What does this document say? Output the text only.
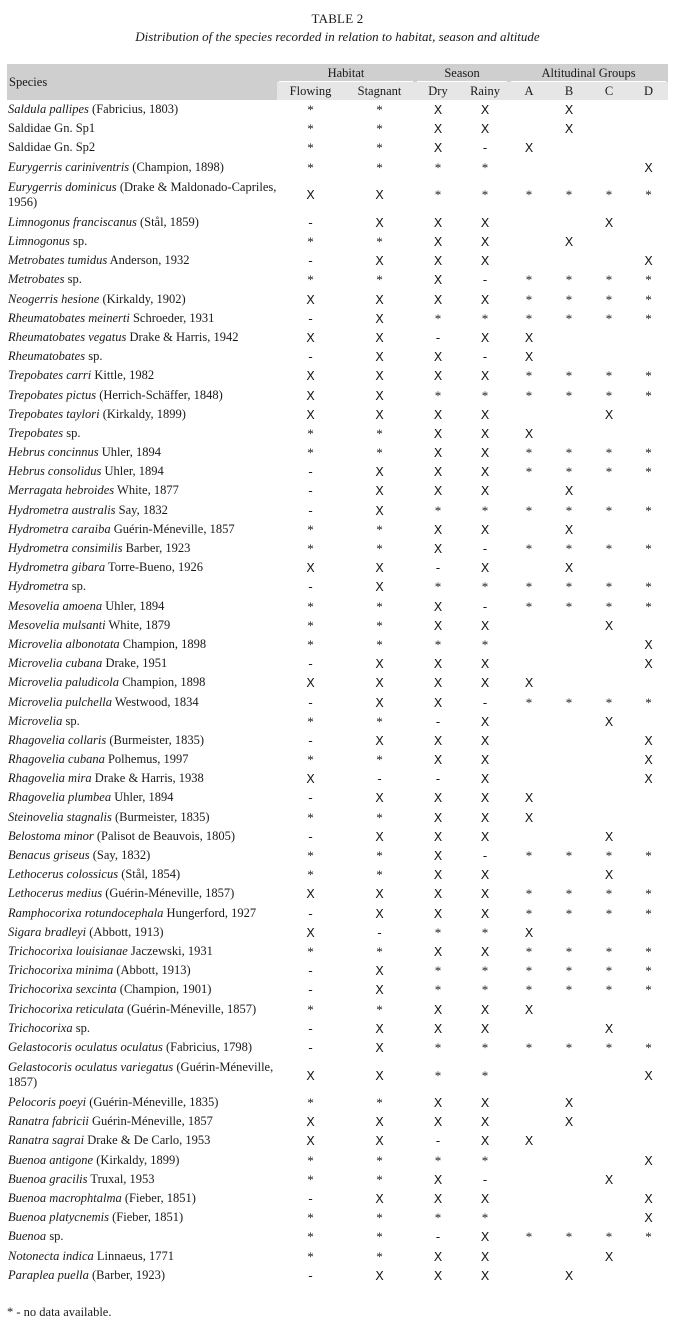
TABLE 2
Distribution of the species recorded in relation to habitat, season and altitude
Species	Habitat		Season		Altitudinal Groups			
	Flowing	Stagnant	Dry	Rainy	A	B	C	D
Saldula pallipes (Fabricius, 1803)	*	*	X	X		X		
Saldidae Gn. Sp1	*	*	X	X		X		
Saldidae Gn. Sp2	*	*	X	-	X			
Eurygerris cariniventris (Champion, 1898)	*	*	*	*				X
Eurygerris dominicus (Drake & Maldonado-Capriles, 1956)	X	X	*	*	*	*	*	*
Limnogonus franciscanus (Stål, 1859)	-	X	X	X			X	
Limnogonus sp.	*	*	X	X		X		
Metrobates tumidus Anderson, 1932	-	X	X	X				X
Metrobates sp.	*	*	X	-	*	*	*	*
Neogerris hesione (Kirkaldy, 1902)	X	X	X	X	*	*	*	*
Rheumatobates meinerti Schroeder, 1931	-	X	*	*	*	*	*	*
Rheumatobates vegatus Drake & Harris, 1942	X	X	-	X	X			
Rheumatobates sp.	-	X	X	-	X			
Trepobates carri Kittle, 1982	X	X	X	X	*	*	*	*
Trepobates pictus (Herrich-Schäffer, 1848)	X	X	*	*	*	*	*	*
Trepobates taylori (Kirkaldy, 1899)	X	X	X	X			X	
Trepobates sp.	*	*	X	X	X			
Hebrus concinnus Uhler, 1894	*	*	X	X	*	*	*	*
Hebrus consolidus Uhler, 1894	-	X	X	X	*	*	*	*
Merragata hebroides White, 1877	-	X	X	X		X		
Hydrometra australis Say, 1832	-	X	*	*	*	*	*	*
Hydrometra caraiba Guérin-Méneville, 1857	*	*	X	X		X		
Hydrometra consimilis Barber, 1923	*	*	X	-	*	*	*	*
Hydrometra gibara Torre-Bueno, 1926	X	X	-	X		X		
Hydrometra sp.	-	X	*	*	*	*	*	*
Mesovelia amoena Uhler, 1894	*	*	X	-	*	*	*	*
Mesovelia mulsanti White, 1879	*	*	X	X			X	
Microvelia albonotata Champion, 1898	*	*	*	*				X
Microvelia cubana Drake, 1951	-	X	X	X				X
Microvelia paludicola Champion, 1898	X	X	X	X	X			
Microvelia pulchella Westwood, 1834	-	X	X	-	*	*	*	*
Microvelia sp.	*	*	-	X			X	
Rhagovelia collaris (Burmeister, 1835)	-	X	X	X				X
Rhagovelia cubana Polhemus, 1997	*	*	X	X				X
Rhagovelia mira Drake & Harris, 1938	X	-	-	X				X
Rhagovelia plumbea Uhler, 1894	-	X	X	X	X			
Steinovelia stagnalis (Burmeister, 1835)	*	*	X	X	X			
Belostoma minor (Palisot de Beauvois, 1805)	-	X	X	X			X	
Benacus griseus (Say, 1832)	*	*	X	-	*	*	*	*
Lethocerus colossicus (Stål, 1854)	*	*	X	X			X	
Lethocerus medius (Guérin-Méneville, 1857)	X	X	X	X	*	*	*	*
Ramphocorixa rotundocephala Hungerford, 1927	-	X	X	X	*	*	*	*
Sigara bradleyi (Abbott, 1913)	X	-	*	*	X			
Trichocorixa louisianae Jaczewski, 1931	*	*	X	X	*	*	*	*
Trichocorixa minima (Abbott, 1913)	-	X	*	*	*	*	*	*
Trichocorixa sexcinta (Champion, 1901)	-	X	*	*	*	*	*	*
Trichocorixa reticulata (Guérin-Méneville, 1857)	*	*	X	X	X			
Trichocorixa sp.	-	X	X	X			X	
Gelastocoris oculatus oculatus (Fabricius, 1798)	-	X	*	*	*	*	*	*
Gelastocoris oculatus variegatus (Guérin-Méneville, 1857)	X	X	*	*				X
Pelocoris poeyi (Guérin-Méneville, 1835)	*	*	X	X		X		
Ranatra fabricii Guérin-Méneville, 1857	X	X	X	X		X		
Ranatra sagrai Drake & De Carlo, 1953	X	X	-	X	X			
Buenoa antigone (Kirkaldy, 1899)	*	*	*	*				X
Buenoa gracilis Truxal, 1953	*	*	X	-			X	
Buenoa macrophtalma (Fieber, 1851)	-	X	X	X				X
Buenoa platycnemis (Fieber, 1851)	*	*	*	*				X
Buenoa sp.	*	*	-	X	*	*	*	*
Notonecta indica Linnaeus, 1771	*	*	X	X			X	
Paraplea puella (Barber, 1923)	-	X	X	X		X		
* - no data available.
